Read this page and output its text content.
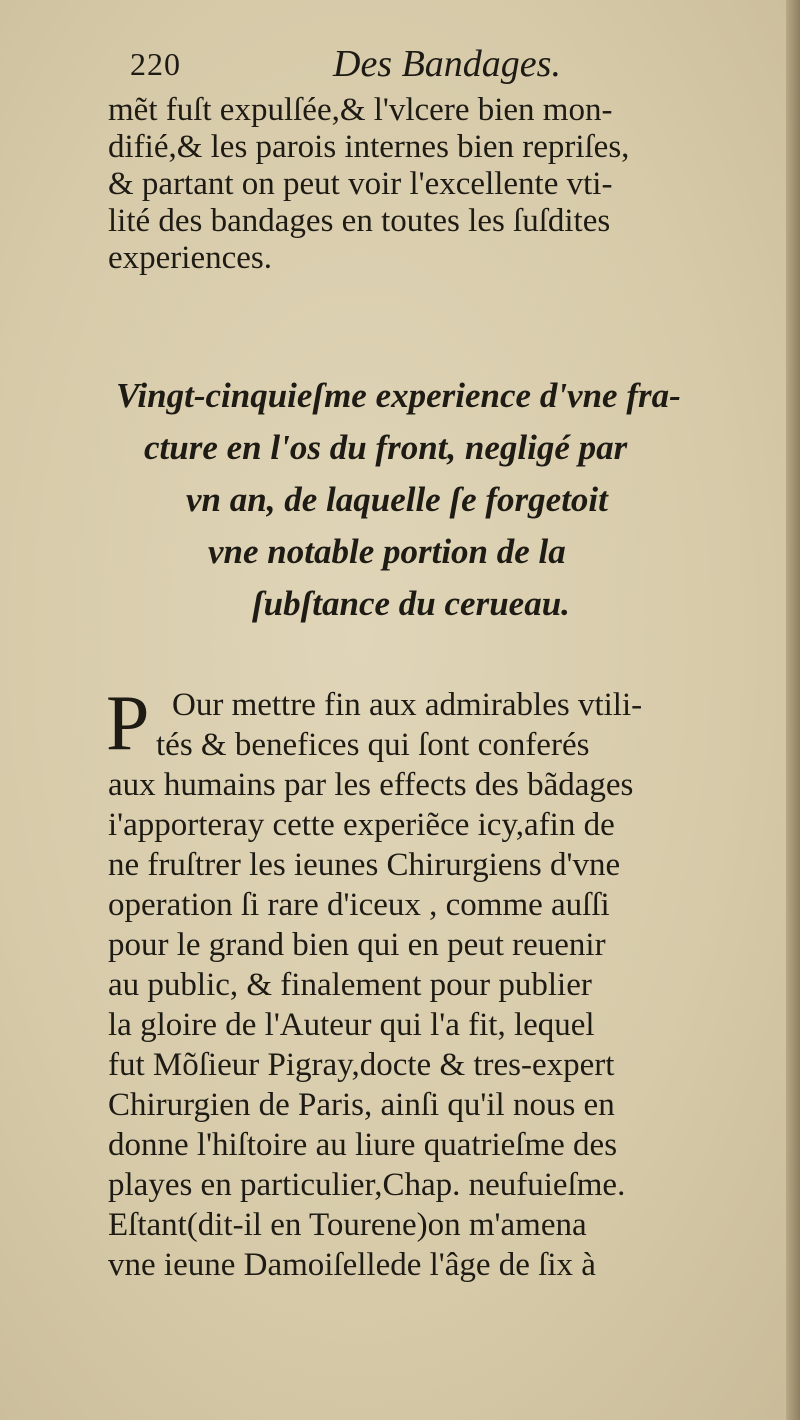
220	Des Bandages.
mẽt fuſt expulſée,& l'vlcere bien mon-
difié,& les parois internes bien repriſes,
& partant on peut voir l'excellente vti-
lité des bandages en toutes les ſuſdites
experiences.
Vingt-cinquieſme experience d'vne fra-
cture en l'os du front, negligé par
vn an, de laquelle ſe forgetoit
vne notable portion de la
ſubſtance du cerueau.
P Our mettre fin aux admirables vtili-
tés & benefices qui ſont conferés
aux humains par les effects des bãdages
i'apporteray cette experiẽce icy,afin de
ne fruſtrer les ieunes Chirurgiens d'vne
operation ſi rare d'iceux , comme auſſi
pour le grand bien qui en peut reuenir
au public, & finalement pour publier
la gloire de l'Auteur qui l'a fit, lequel
fut Mõſieur Pigray,docte & tres-expert
Chirurgien de Paris, ainſi qu'il nous en
donne l'hiſtoire au liure quatrieſme des
playes en particulier,Chap. neufuieſme.
Eſtant(dit-il en Tourene)on m'amena
vne ieune Damoiſellede l'âge de ſix à
